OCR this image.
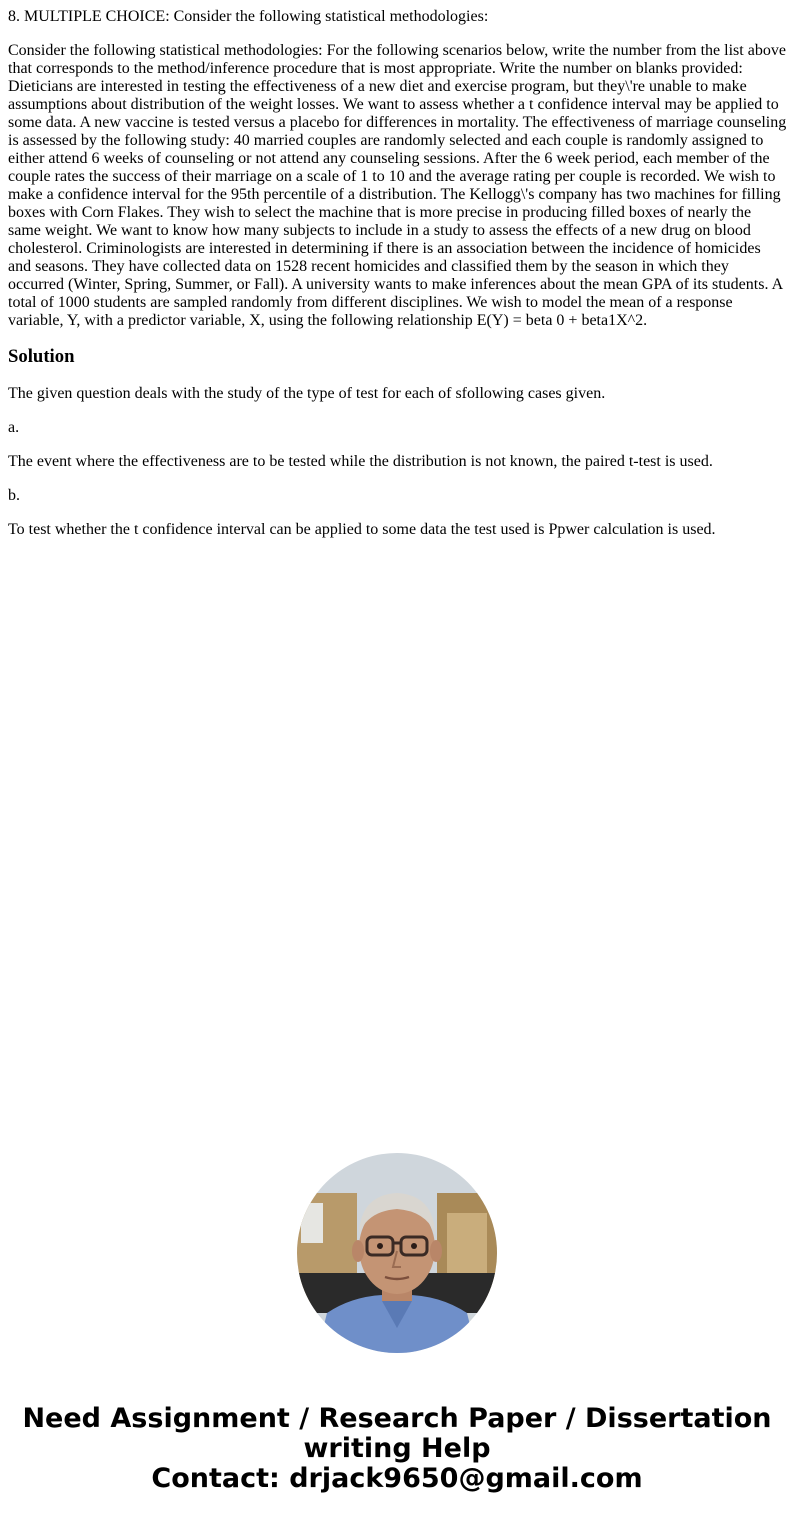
8. MULTIPLE CHOICE: Consider the following statistical methodologies:

Consider the following statistical methodologies: For the following scenarios below, write the number from the list above that corresponds to the method/inference procedure that is most appropriate. Write the number on blanks provided: Dieticians are interested in testing the effectiveness of a new diet and exercise program, but they\'re unable to make assumptions about distribution of the weight losses. We want to assess whether a t confidence interval may be applied to some data. A new vaccine is tested versus a placebo for differences in mortality. The effectiveness of marriage counseling is assessed by the following study: 40 married couples are randomly selected and each couple is randomly assigned to either attend 6 weeks of counseling or not attend any counseling sessions. After the 6 week period, each member of the couple rates the success of their marriage on a scale of 1 to 10 and the average rating per couple is recorded. We wish to make a confidence interval for the 95th percentile of a distribution. The Kellogg\'s company has two machines for filling boxes with Corn Flakes. They wish to select the machine that is more precise in producing filled boxes of nearly the same weight. We want to know how many subjects to include in a study to assess the effects of a new drug on blood cholesterol. Criminologists are interested in determining if there is an association between the incidence of homicides and seasons. They have collected data on 1528 recent homicides and classified them by the season in which they occurred (Winter, Spring, Summer, or Fall). A university wants to make inferences about the mean GPA of its students. A total of 1000 students are sampled randomly from different disciplines. We wish to model the mean of a response variable, Y, with a predictor variable, X, using the following relationship E(Y) = beta 0 + beta1X^2.

Solution

The given question deals with the study of the type of test for each of sfollowing cases given.

a.

The event where the effectiveness are to be tested while the distribution is not known, the paired t-test is used.

b.

To test whether the t confidence interval can be applied to some data the test used is Ppwer calculation is used.

Need Assignment / Research Paper / Dissertation
writing Help
Contact: drjack9650@gmail.com
